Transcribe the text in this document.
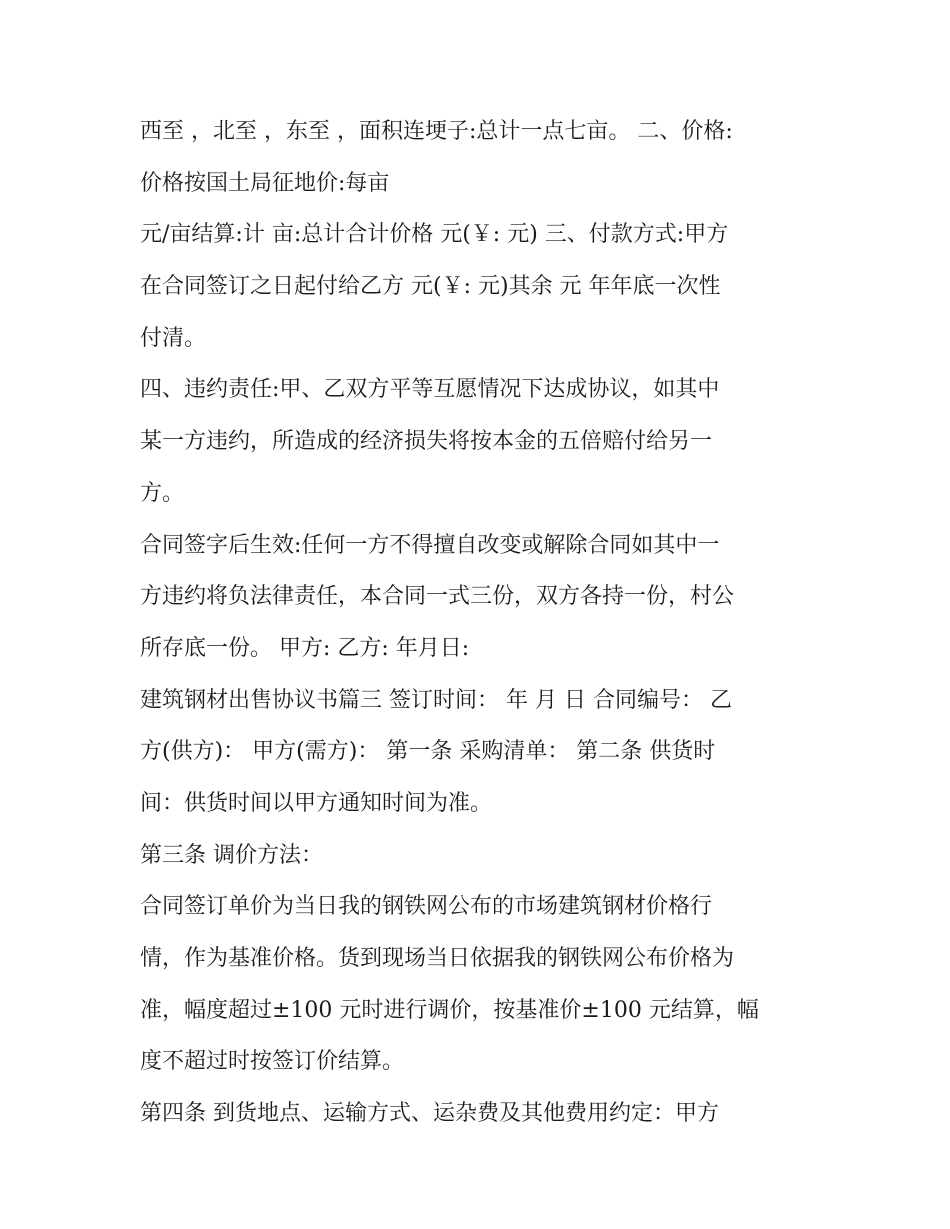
西至 ，北至 ，东至 ，面积连埂子:总计一点七亩。 二、价格:
价格按国土局征地价:每亩
元/亩结算:计 亩:总计合计价格 元(￥: 元) 三、付款方式:甲方
在合同签订之日起付给乙方 元(￥: 元)其余 元 年年底一次性
付清。
四、违约责任:甲、乙双方平等互愿情况下达成协议，如其中
某一方违约，所造成的经济损失将按本金的五倍赔付给另一
方。
合同签字后生效:任何一方不得擅自改变或解除合同如其中一
方违约将负法律责任，本合同一式三份，双方各持一份，村公
所存底一份。 甲方: 乙方: 年月日:
建筑钢材出售协议书篇三 签订时间： 年 月 日 合同编号： 乙
方(供方)： 甲方(需方)： 第一条 采购清单： 第二条 供货时
间：供货时间以甲方通知时间为准。
第三条 调价方法：
合同签订单价为当日我的钢铁网公布的市场建筑钢材价格行
情，作为基准价格。货到现场当日依据我的钢铁网公布价格为
准，幅度超过±100 元时进行调价，按基准价±100 元结算，幅
度不超过时按签订价结算。
第四条 到货地点、运输方式、运杂费及其他费用约定：甲方
